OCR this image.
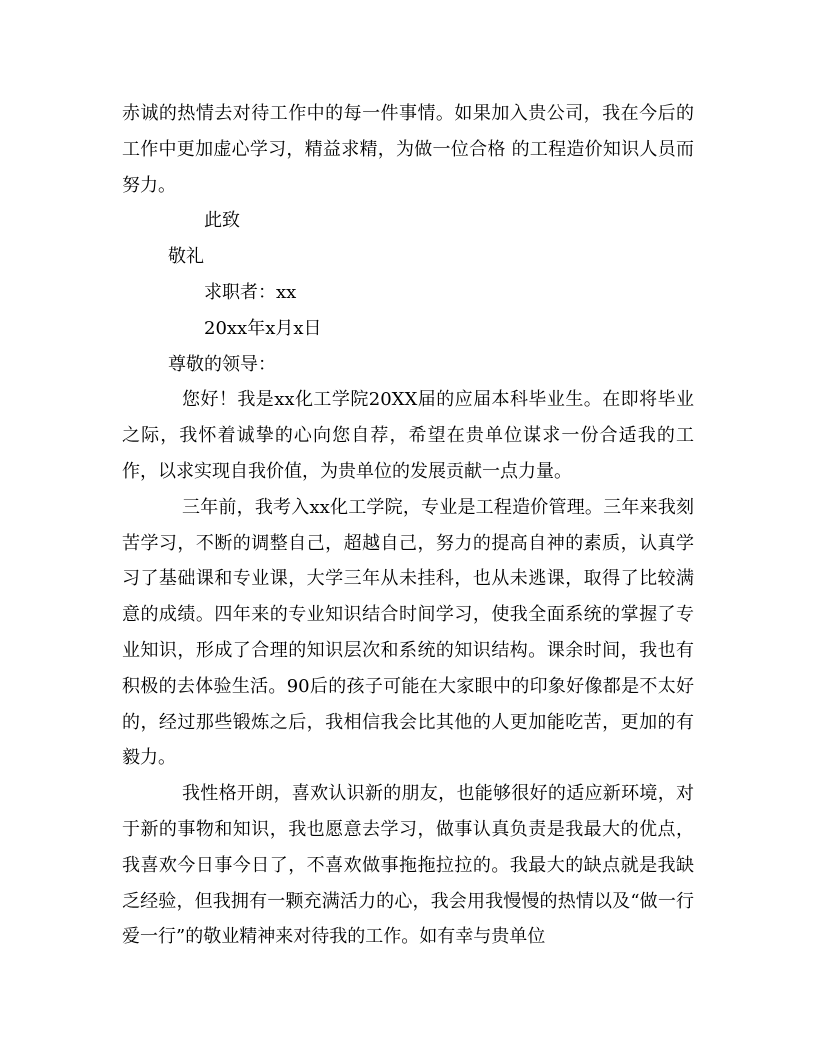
赤诚的热情去对待工作中的每一件事情。如果加入贵公司，我在今后的工作中更加虚心学习，精益求精，为做一位合格 的工程造价知识人员而努力。

此致

敬礼

求职者：xx

20xx年x月x日

尊敬的领导：

您好！我是xx化工学院20XX届的应届本科毕业生。在即将毕业之际，我怀着诚挚的心向您自荐，希望在贵单位谋求一份合适我的工作，以求实现自我价值，为贵单位的发展贡献一点力量。

三年前，我考入xx化工学院，专业是工程造价管理。三年来我刻苦学习，不断的调整自己，超越自己，努力的提高自神的素质，认真学习了基础课和专业课，大学三年从未挂科，也从未逃课，取得了比较满意的成绩。四年来的专业知识结合时间学习，使我全面系统的掌握了专业知识，形成了合理的知识层次和系统的知识结构。课余时间，我也有积极的去体验生活。90后的孩子可能在大家眼中的印象好像都是不太好的，经过那些锻炼之后，我相信我会比其他的人更加能吃苦，更加的有毅力。

我性格开朗，喜欢认识新的朋友，也能够很好的适应新环境，对于新的事物和知识，我也愿意去学习，做事认真负责是我最大的优点，我喜欢今日事今日了，不喜欢做事拖拖拉拉的。我最大的缺点就是我缺乏经验，但我拥有一颗充满活力的心，我会用我慢慢的热情以及“做一行爱一行”的敬业精神来对待我的工作。如有幸与贵单位
